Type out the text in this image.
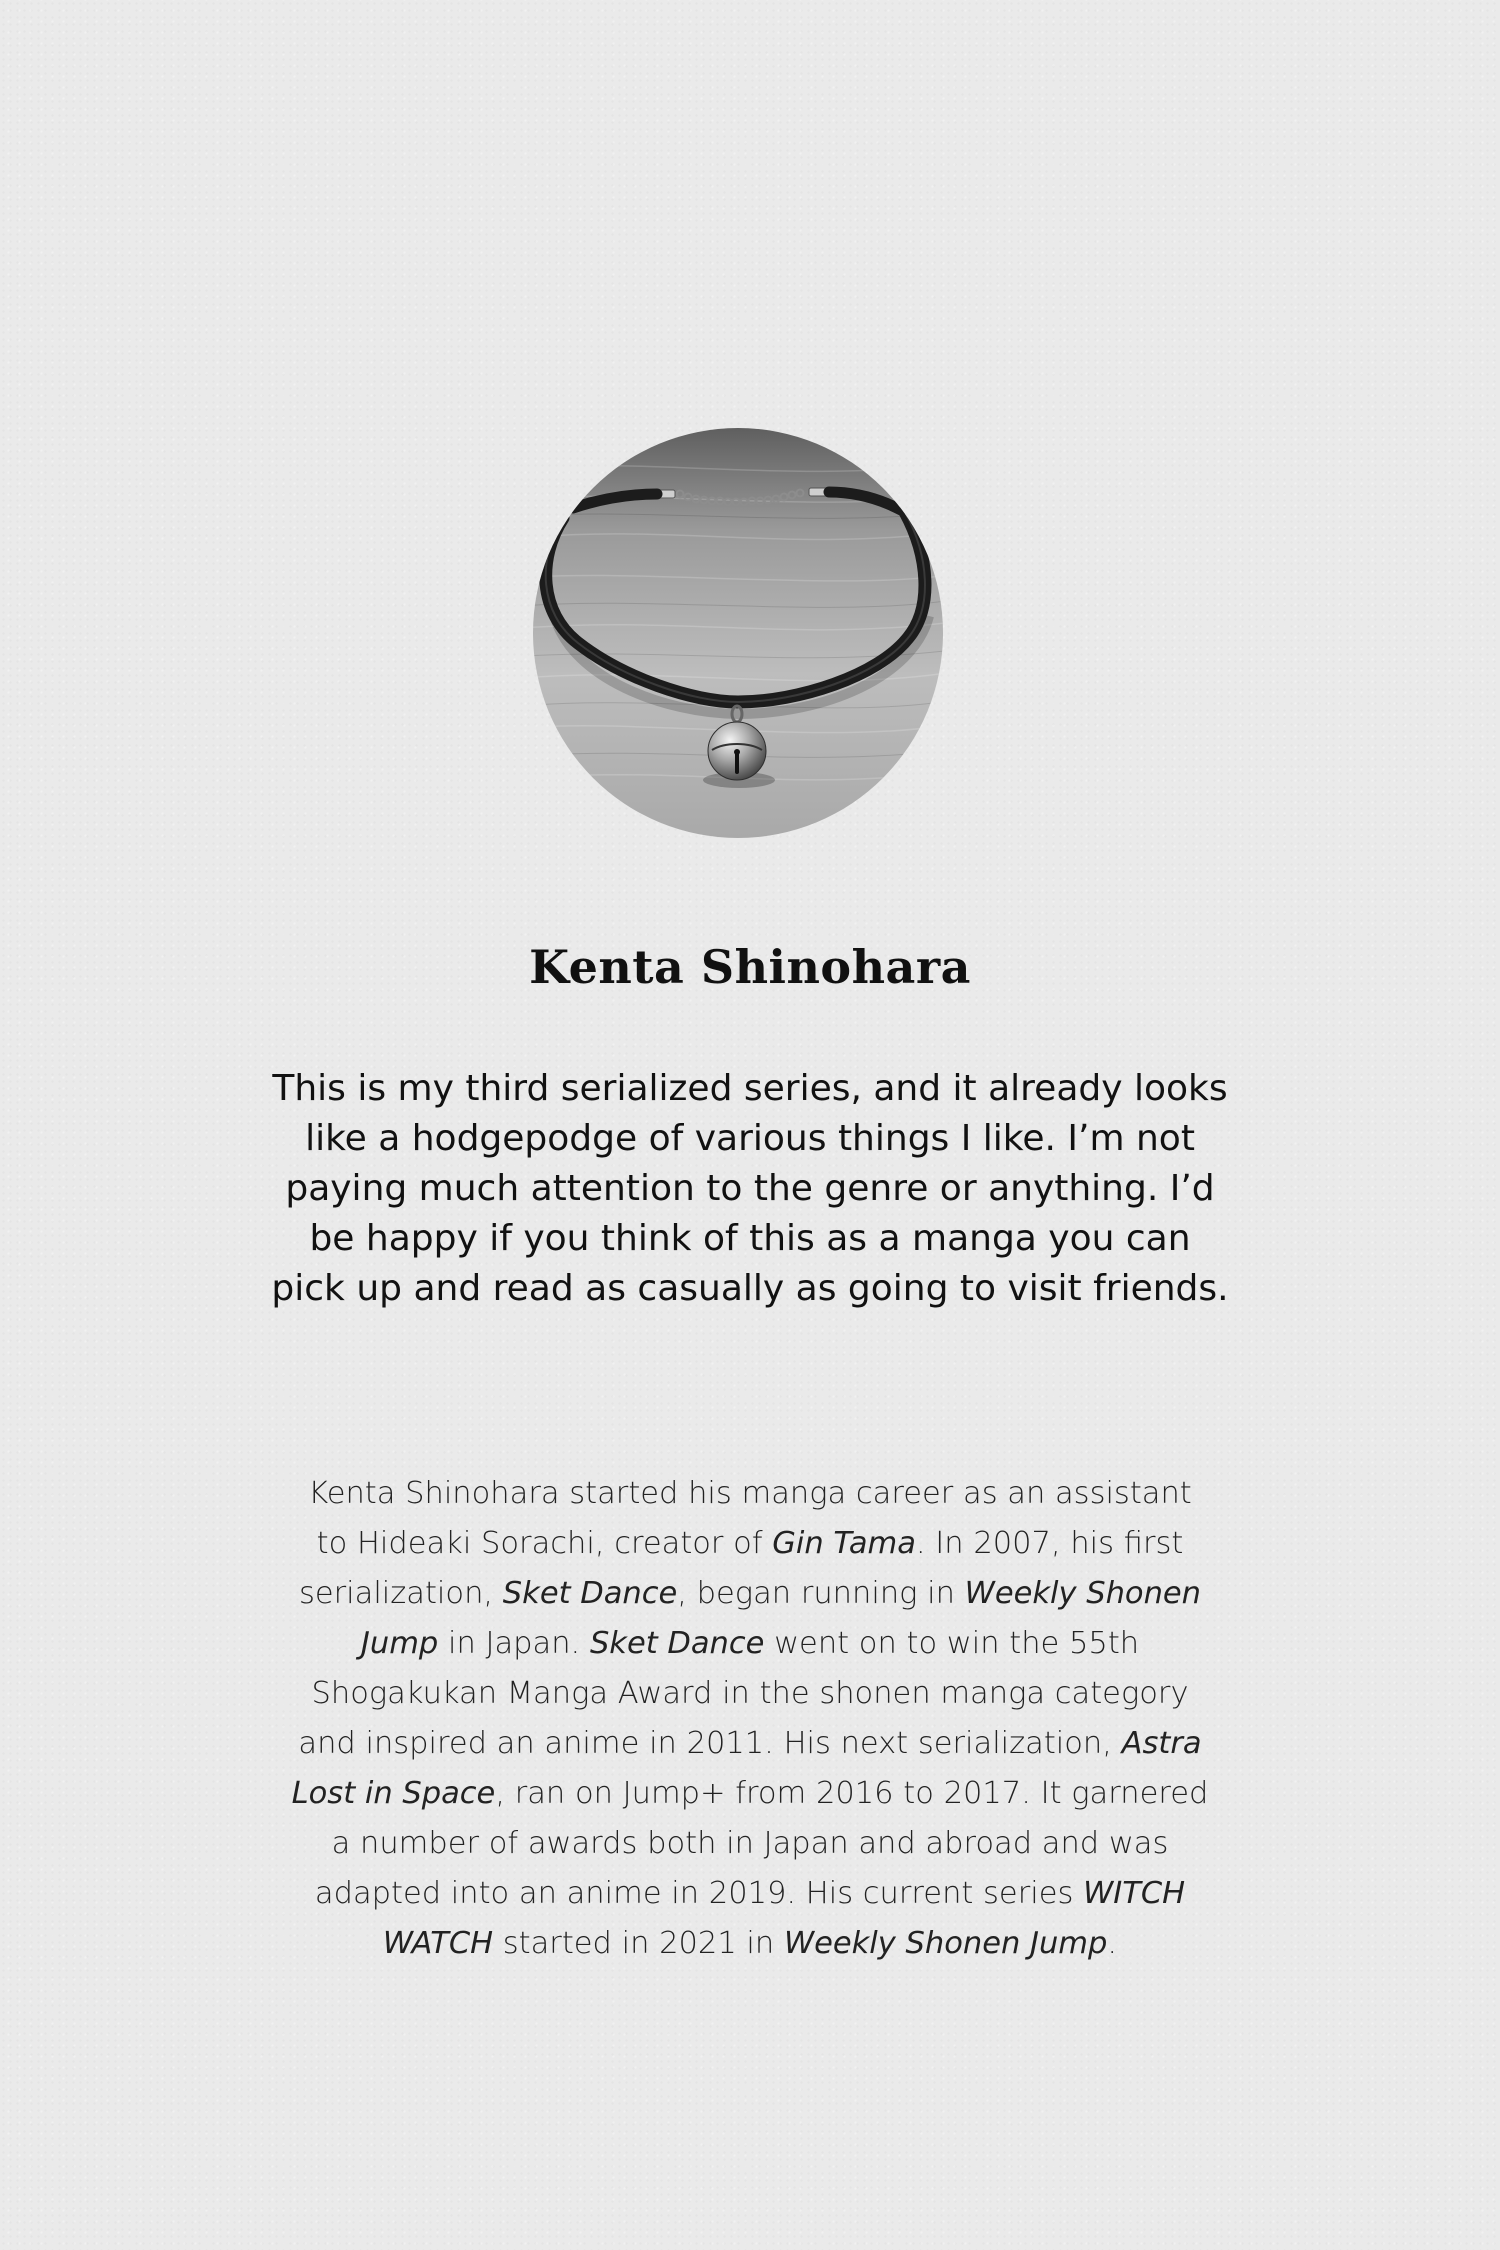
Kenta Shinohara
This is my third serialized series, and it already looks
like a hodgepodge of various things I like. I’m not
paying much attention to the genre or anything. I’d
be happy if you think of this as a manga you can
pick up and read as casually as going to visit friends.
Kenta Shinohara started his manga career as an assistant
to Hideaki Sorachi, creator of Gin Tama. In 2007, his first
serialization, Sket Dance, began running in Weekly Shonen
Jump in Japan. Sket Dance went on to win the 55th
Shogakukan Manga Award in the shonen manga category
and inspired an anime in 2011. His next serialization, Astra
Lost in Space, ran on Jump+ from 2016 to 2017. It garnered
a number of awards both in Japan and abroad and was
adapted into an anime in 2019. His current series WITCH
WATCH started in 2021 in Weekly Shonen Jump.
